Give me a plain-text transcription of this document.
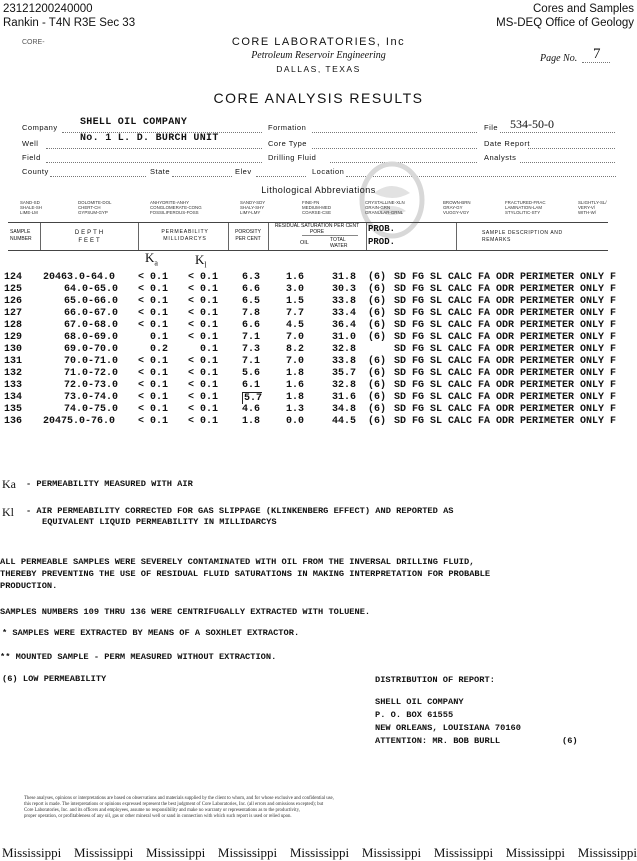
23121200240000
Rankin - T4N R3E Sec 33
Cores and Samples
MS-DEQ Office of Geology
CORE-	CORE LABORATORIES, Inc
Petroleum Reservoir Engineering
DALLAS, TEXAS
Page No. 7
CORE ANALYSIS RESULTS
Company SHELL OIL COMPANY	Formation	File 534-50-0
Well	No. 1 L. D. BURCH UNIT	Core Type	Date Report
Field	Drilling Fluid	Analysts
County	State	Elev	Location
Lithological Abbreviations
SAND-SD
SHALE-SH
LIME-LM
DOLOMITE-DOL
CHERT-CH
GYPSUM-GYP
ANHYDRITE-ANHY
CONGLOMERATE-CONG
FOSSILIFEROUS-FOSS
SANDY-SDY
SHALY-SHY
LIMY-LMY
FINE-FN
MEDIUM-MED
COARSE-CSE
CRYSTALLINE-XLN
GRAIN-GRN
GRANULAR-GRNL
BROWN-BRN
GRAY-GY
VUGGY-VGY
FRACTURED-FRAC
LAMINATION-LAM
STYLOLITIC-STY
SLIGHTLY-SL/
VERY-V/
WITH-W/
SAMPLE NUMBER
DEPTH FEET
PERMEABILITY MILLIDARCYS
POROSITY PER CENT
RESIDUAL SATURATION PER CENT PORE
OIL	TOTAL WATER
PROB.
PROD.
SAMPLE DESCRIPTION AND REMARKS
$K_a$	$K_l$
124 20463.0-64.0 < 0.1 < 0.1 6.3	1.6	31.8 (6) SD FG SL CALC FA ODR PERIMETER ONLY F
125	64.0-65.0 < 0.1 < 0.1 6.6	3.0	30.3 (6) SD FG SL CALC FA ODR PERIMETER ONLY F
126	65.0-66.0 < 0.1 < 0.1 6.5	1.5	33.8 (6) SD FG SL CALC FA ODR PERIMETER ONLY F
127	66.0-67.0 < 0.1 < 0.1 7.8	7.7	33.4 (6) SD FG SL CALC FA ODR PERIMETER ONLY F
128	67.0-68.0 < 0.1 < 0.1 6.6	4.5	36.4 (6) SD FG SL CALC FA ODR PERIMETER ONLY F
129	68.0-69.0	0.1 < 0.1 7.1	7.0	31.0 (6) SD FG SL CALC FA ODR PERIMETER ONLY F
130	69.0-70.0	0.2	0.1 7.3	8.2	32.8	SD FG SL CALC FA ODR PERIMETER ONLY F
131	70.0-71.0 < 0.1 < 0.1 7.1	7.0	33.8 (6) SD FG SL CALC FA ODR PERIMETER ONLY F
132	71.0-72.0 < 0.1 < 0.1 5.6	1.8	35.7 (6) SD FG SL CALC FA ODR PERIMETER ONLY F
133	72.0-73.0 < 0.1 < 0.1 6.1	1.6	32.8 (6) SD FG SL CALC FA ODR PERIMETER ONLY F
134	73.0-74.0 < 0.1 < 0.1	5.7 1.8	31.6 (6) SD FG SL CALC FA ODR PERIMETER ONLY F
135	74.0-75.0 < 0.1 < 0.1 4.6	1.3	34.8 (6) SD FG SL CALC FA ODR PERIMETER ONLY F
136 20475.0-76.0 < 0.1 < 0.1 1.8	0.0	44.5 (6) SD FG SL CALC FA ODR PERIMETER ONLY F
Ka - PERMEABILITY MEASURED WITH AIR
Kl - AIR PERMEABILITY CORRECTED FOR GAS SLIPPAGE (KLINKENBERG EFFECT) AND REPORTED AS
EQUIVALENT LIQUID PERMEABILITY IN MILLIDARCYS
ALL PERMEABLE SAMPLES WERE SEVERELY CONTAMINATED WITH OIL FROM THE INVERSAL DRILLING FLUID,
THEREBY PREVENTING THE USE OF RESIDUAL FLUID SATURATIONS IN MAKING INTERPRETATION FOR PROBABLE
PRODUCTION.
SAMPLES NUMBERS 109 THRU 136 WERE CENTRIFUGALLY EXTRACTED WITH TOLUENE.
* SAMPLES WERE EXTRACTED BY MEANS OF A SOXHLET EXTRACTOR.
** MOUNTED SAMPLE - PERM MEASURED WITHOUT EXTRACTION.
(6) LOW PERMEABILITY	DISTRIBUTION OF REPORT:
SHELL OIL COMPANY
P. O. BOX 61555
NEW ORLEANS, LOUISIANA 70160
ATTENTION: MR. BOB BURLL	(6)
These analyses, opinions or interpretations are based on observations and materials supplied by the client to whom, and for whose exclusive and confidential use,
this report is made. The interpretations or opinions expressed represent the best judgment of Core Laboratories, Inc. (all errors and omissions excepted); but
Core Laboratories, Inc. and its officers and employees, assume no responsibility and make no warranty or representations as to the productivity,
proper operation, or profitableness of any oil, gas or other mineral well or sand in connection with which such report is used or relied upon.
Mississippi Mississippi Mississippi Mississippi Mississippi Mississippi Mississippi Mississippi Mississippi
